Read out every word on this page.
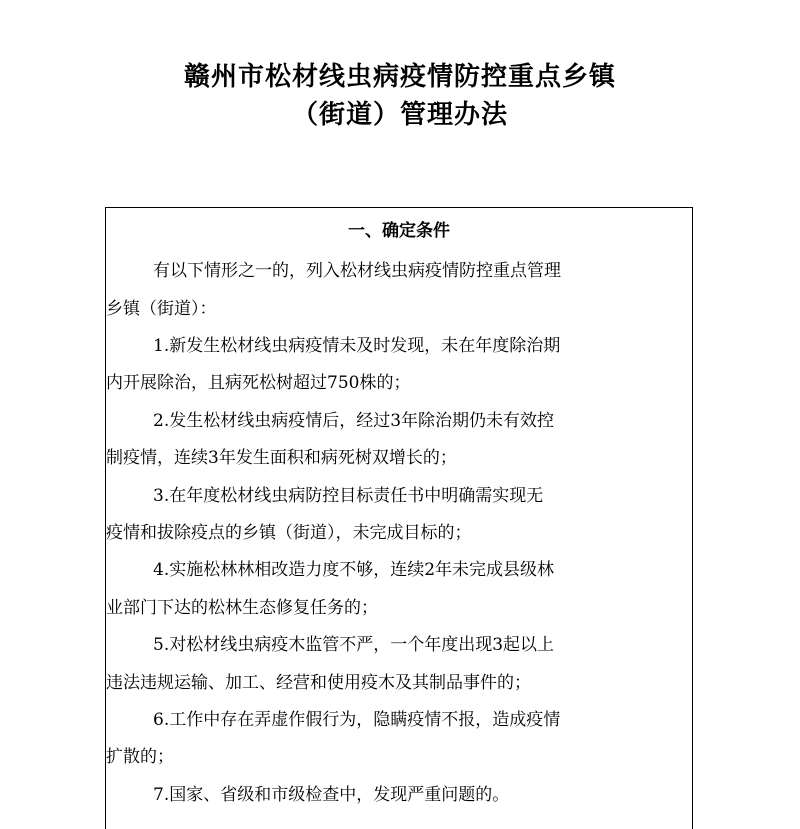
赣州市松材线虫病疫情防控重点乡镇
（街道）管理办法
一、确定条件
有以下情形之一的，列入松材线虫病疫情防控重点管理
乡镇（街道）：
1.新发生松材线虫病疫情未及时发现，未在年度除治期
内开展除治，且病死松树超过750株的；
2.发生松材线虫病疫情后，经过3年除治期仍未有效控
制疫情，连续3年发生面积和病死树双增长的；
3.在年度松材线虫病防控目标责任书中明确需实现无
疫情和拔除疫点的乡镇（街道），未完成目标的；
4.实施松林林相改造力度不够，连续2年未完成县级林
业部门下达的松林生态修复任务的；
5.对松材线虫病疫木监管不严，一个年度出现3起以上
违法违规运输、加工、经营和使用疫木及其制品事件的；
6.工作中存在弄虚作假行为，隐瞒疫情不报，造成疫情
扩散的；
7.国家、省级和市级检查中，发现严重问题的。
